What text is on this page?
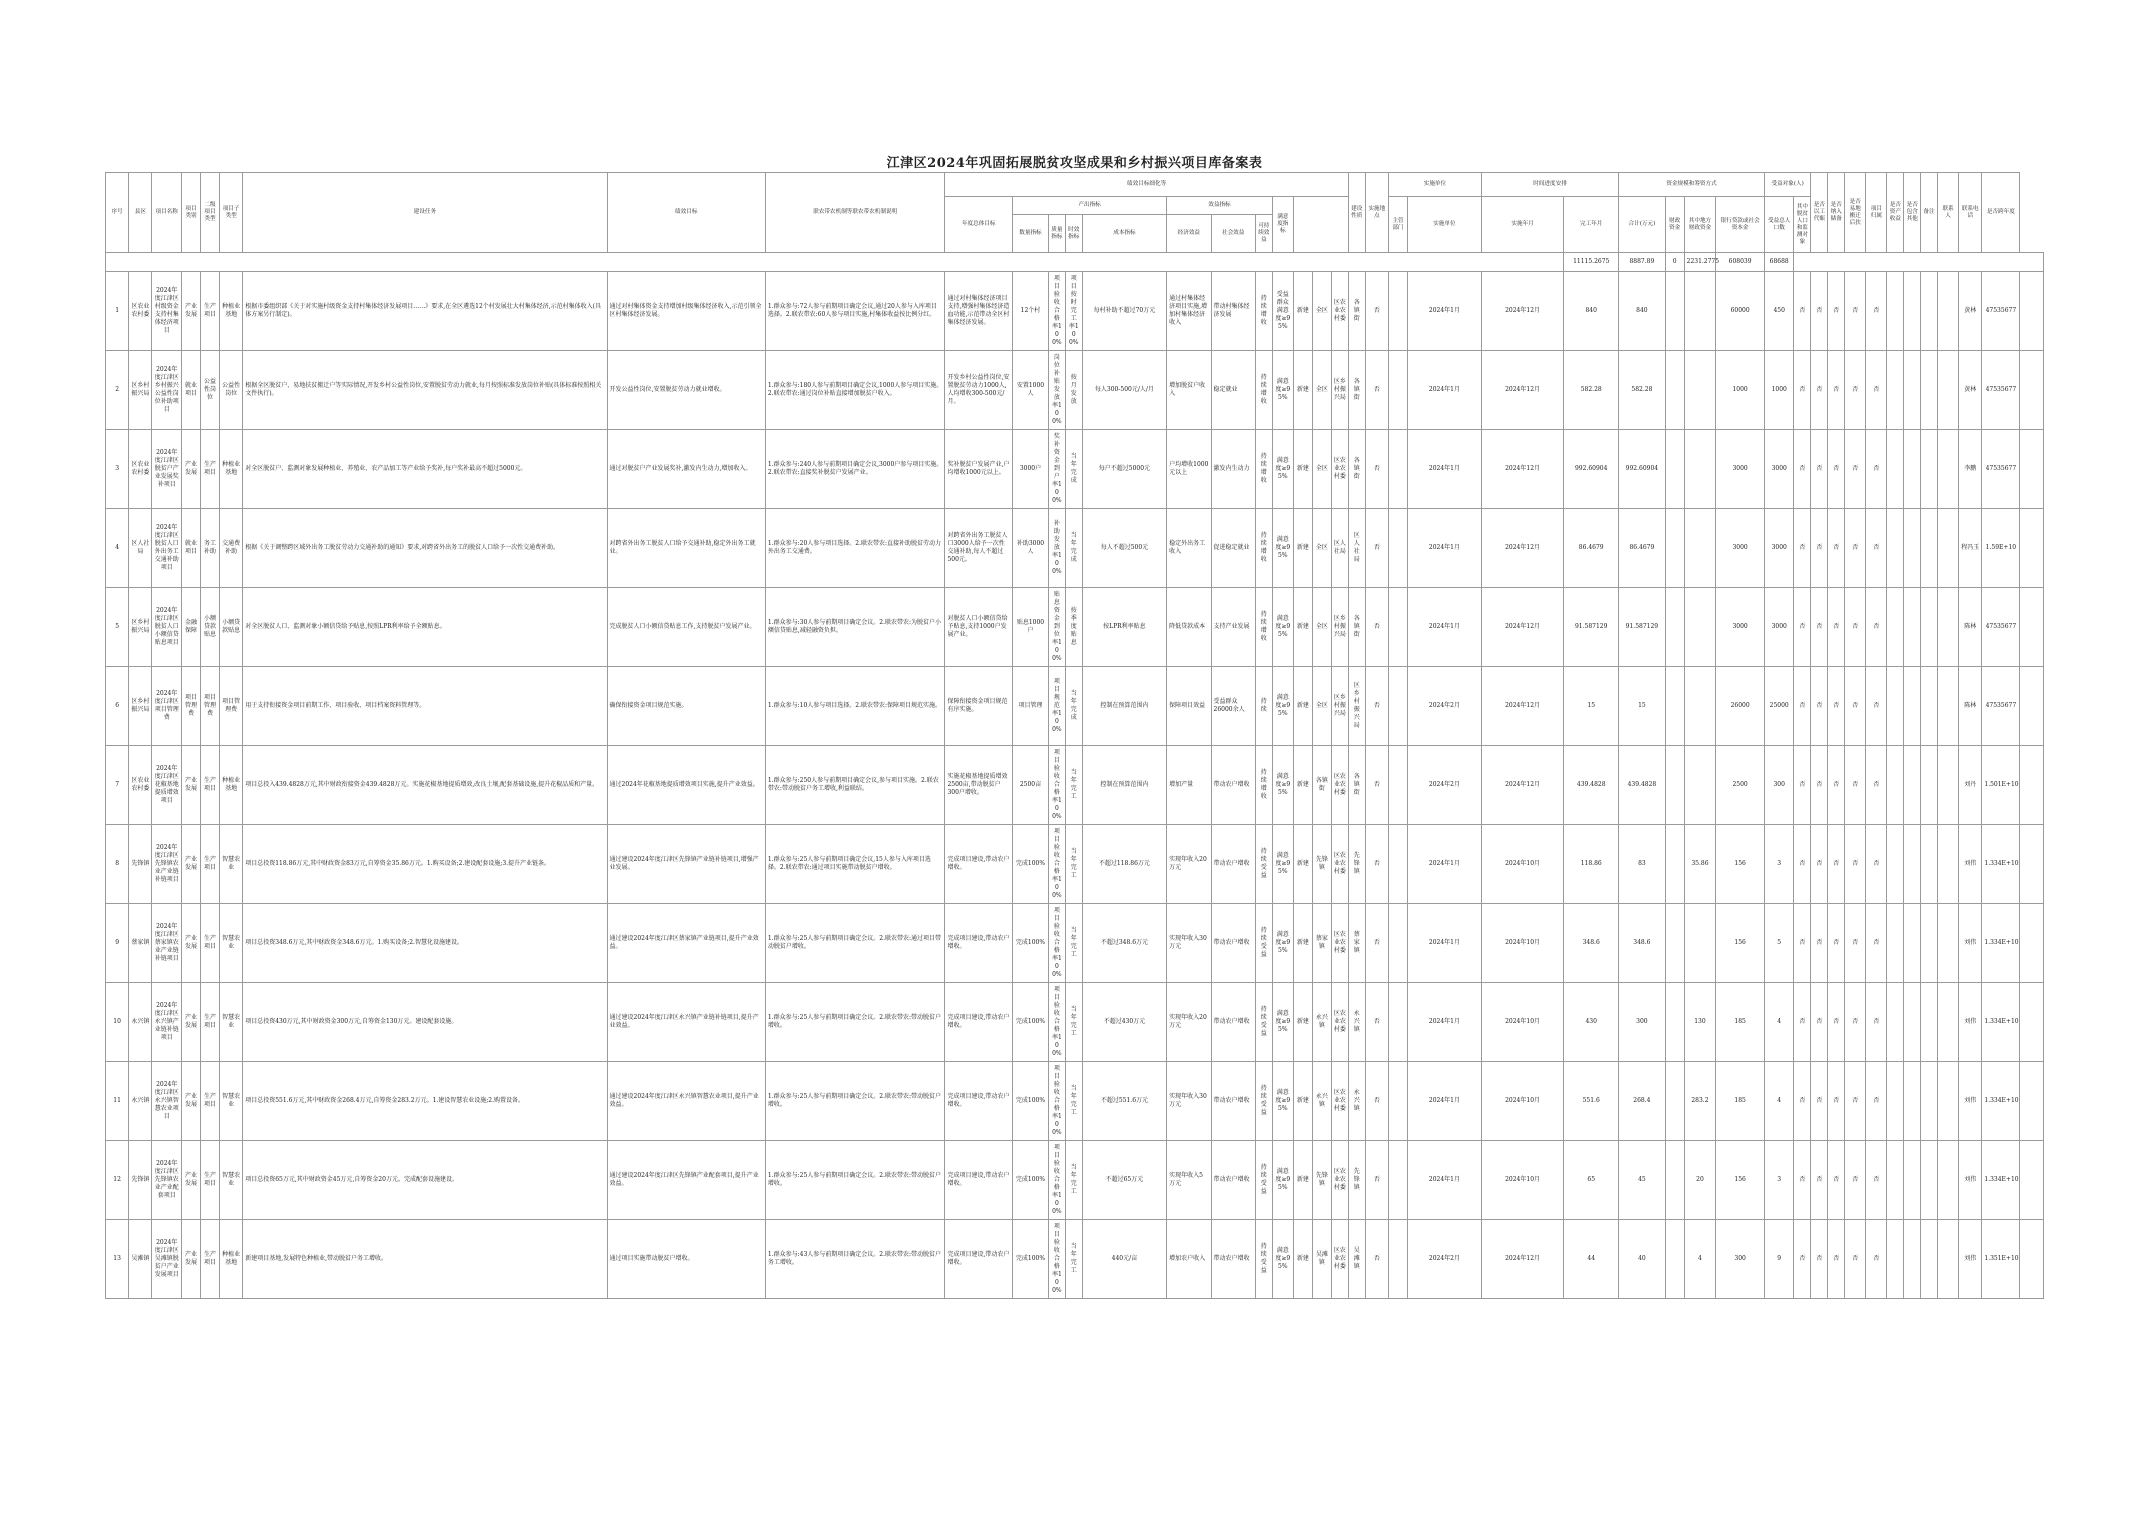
江津区2024年巩固拓展脱贫攻坚成果和乡村振兴项目库备案表
序号	县区	项目名称	项目类别	二级项目类型	项目子类型	建设任务	绩效目标	联农带农机制等联农带农机制说明	绩效目标细化等												建设性质	实施地点	实施单位		时间进度安排		资金规模和筹资方式				受益对象(人)		是否以工代赈	是否纳入储备	是否易地搬迁后扶	项目归属	是否资产收益	是否包含其他	备注	联系人	联系电话	是否跨年度	
									年度总体目标	产出指标				效益指标			满意度指标						主管部门	实施单位	实施年月	完工年月	合计(万元)	财政资金	其中地方财政资金	银行贷款或社会资本金	受益总人口数	其中脱贫人口和监测对象											
										数量指标	质量指标	时效指标	成本指标	经济效益	社会效益	可持续效益																											
																										11115.2675	8887.89	0	2231.2775	608039	68688												
1	区农业农村委	2024年度江津区村级资金支持村集体经济项目	产业发展	生产项目	种植业基地	根据市委组织部《关于对实施村级资金支持村集体经济发展项目……》要求,在全区遴选12个村发展壮大村集体经济,示范村集体收入(具体方案另行制定)。	通过对村集体资金支持增加村级集体经济收入,示范引领全区村集体经济发展。	1.群众参与:72人参与前期项目确定会议,通过20人参与入库项目选择。2.联农带农:60人参与项目实施,村集体收益按比例分红。	通过对村集体经济项目支持,增强村集体经济造血功能,示范带动全区村集体经济发展。	12个村	项目验收合格率100%	项目按时完工率100%	每村补助不超过70万元	通过村集体经济项目实施,增加村集体经济收入	带动村集体经济发展	持续增收	受益群众满意度≥95%	新建	全区	区农业农村委	各镇街	否		2024年1月	2024年12月	840	840			60000	450	否	否	否	否	否					黄林	47535677	
2	区乡村振兴局	2024年度江津区乡村振兴公益性岗位补助项目	就业项目	公益性岗位	公益性岗位	根据全区脱贫户、易地扶贫搬迁户等实际情况,开发乡村公益性岗位,安置脱贫劳动力就业,每月按照标准发放岗位补贴(具体标准按照相关文件执行)。	开发公益性岗位,安置脱贫劳动力就业增收。	1.群众参与:180人参与前期项目确定会议,1000人参与项目实施。2.联农带农:通过岗位补贴直接增加脱贫户收入。	开发乡村公益性岗位,安置脱贫劳动力1000人,人均增收300-500元/月。	安置1000人	岗位补贴发放率100%	按月发放	每人300-500元/人/月	增加脱贫户收入	稳定就业	持续增收	满意度≥95%	新建	全区	区乡村振兴局	各镇街	否		2024年1月	2024年12月	582.28	582.28			1000	1000	否	否	否	否	否					黄林	47535677	
3	区农业农村委	2024年度江津区脱贫户产业发展奖补项目	产业发展	生产项目	种植业基地	对全区脱贫户、监测对象发展种植业、养殖业、农产品加工等产业给予奖补,每户奖补最高不超过5000元。	通过对脱贫户产业发展奖补,激发内生动力,增加收入。	1.群众参与:240人参与前期项目确定会议,3000户参与项目实施。2.联农带农:直接奖补脱贫户发展产业。	奖补脱贫户发展产业,户均增收1000元以上。	3000户	奖补资金到户率100%	当年完成	每户不超过5000元	户均增收1000元以上	激发内生动力	持续增收	满意度≥95%	新建	全区	区农业农村委	各镇街	否		2024年1月	2024年12月	992.60904	992.60904			3000	3000	否	否	否	否	否					李鹏	47535677	
4	区人社局	2024年度江津区脱贫人口外出务工交通补助项目	就业项目	务工补助	交通费补助	根据《关于调整跨区域外出务工脱贫劳动力交通补助的通知》要求,对跨省外出务工的脱贫人口给予一次性交通费补助。	对跨省外出务工脱贫人口给予交通补助,稳定外出务工就业。	1.群众参与:20人参与项目选择。2.联农带农:直接补助脱贫劳动力外出务工交通费。	对跨省外出务工脱贫人口3000人给予一次性交通补助,每人不超过500元。	补助3000人	补助发放率100%	当年完成	每人不超过500元	稳定外出务工收入	促进稳定就业	持续增收	满意度≥95%	新建	全区	区人社局	区人社局	否		2024年1月	2024年12月	86.4679	86.4679			3000	3000	否	否	否	否	否					程冯玉	1.59E+10	
5	区乡村振兴局	2024年度江津区脱贫人口小额信贷贴息项目	金融保障	小额贷款贴息	小额贷款贴息	对全区脱贫人口、监测对象小额信贷给予贴息,按照LPR利率给予全额贴息。	完成脱贫人口小额信贷贴息工作,支持脱贫户发展产业。	1.群众参与:30人参与前期项目确定会议。2.联农带农:为脱贫户小额信贷贴息,减轻融资负担。	对脱贫人口小额信贷给予贴息,支持1000户发展产业。	贴息1000户	贴息资金到位率100%	按季度贴息	按LPR利率贴息	降低贷款成本	支持产业发展	持续增收	满意度≥95%	新建	全区	区乡村振兴局	各镇街	否		2024年1月	2024年12月	91.587129	91.587129			3000	3000	否	否	否	否	否					陈林	47535677	
6	区乡村振兴局	2024年度江津区项目管理费	项目管理费	项目管理费	项目管理费	用于支持衔接资金项目前期工作、项目验收、项目档案资料管理等。	确保衔接资金项目规范实施。	1.群众参与:10人参与项目选择。2.联农带农:保障项目规范实施。	保障衔接资金项目规范有序实施。	项目管理	项目规范率100%	当年完成	控制在预算范围内	保障项目效益	受益群众26000余人	持续	满意度≥95%	新建	全区	区乡村振兴局	区乡村振兴局	否		2024年2月	2024年12月	15	15			26000	25000	否	否	否	否	否					陈林	47535677	
7	区农业农村委	2024年度江津区花椒基地提质增效项目	产业发展	生产项目	种植业基地	项目总投入439.4828万元,其中财政衔接资金439.4828万元。实施花椒基地提质增效,改良土壤,配套基础设施,提升花椒品质和产量。	通过2024年花椒基地提质增效项目实施,提升产业效益。	1.群众参与:250人参与前期项目确定会议,参与项目实施。2.联农带农:带动脱贫户务工增收,利益联结。	实施花椒基地提质增效2500亩,带动脱贫户300户增收。	2500亩	项目验收合格率100%	当年完工	控制在预算范围内	增加产量	带动农户增收	持续增收	满意度≥95%	新建	各镇街	区农业农村委	各镇街	否		2024年2月	2024年12月	439.4828	439.4828			2500	300	否	否	否	否	否					刘丹	1.501E+10	
8	先锋镇	2024年度江津区先锋镇农业产业链补链项目	产业发展	生产项目	智慧农业	项目总投资118.86万元,其中财政资金83万元,自筹资金35.86万元。1.购买设备;2.建设配套设施;3.提升产业链条。	通过建设2024年度江津区先锋镇产业链补链项目,增强产业发展。	1.群众参与:25人参与前期项目确定会议,15人参与入库项目选择。2.联农带农:通过项目实施带动脱贫户增收。	完成项目建设,带动农户增收。	完成100%	项目验收合格率100%	当年完工	不超过118.86万元	实现年收入20万元	带动农户增收	持续受益	满意度≥95%	新建	先锋镇	区农业农村委	先锋镇	否		2024年1月	2024年10月	118.86	83		35.86	156	3	否	否	否	否	否					刘伟	1.334E+10	
9	蔡家镇	2024年度江津区蔡家镇农业产业链补链项目	产业发展	生产项目	智慧农业	项目总投资348.6万元,其中财政资金348.6万元。1.购买设备;2.智慧化设施建设。	通过建设2024年度江津区蔡家镇产业链项目,提升产业效益。	1.群众参与:25人参与前期项目确定会议。2.联农带农:通过项目带动脱贫户增收。	完成项目建设,带动农户增收。	完成100%	项目验收合格率100%	当年完工	不超过348.6万元	实现年收入30万元	带动农户增收	持续受益	满意度≥95%	新建	蔡家镇	区农业农村委	蔡家镇	否		2024年1月	2024年10月	348.6	348.6			156	5	否	否	否	否	否					刘伟	1.334E+10	
10	永兴镇	2024年度江津区永兴镇产业链补链项目	产业发展	生产项目	智慧农业	项目总投资430万元,其中财政资金300万元,自筹资金130万元。建设配套设施。	通过建设2024年度江津区永兴镇产业链补链项目,提升产业效益。	1.群众参与:25人参与前期项目确定会议。2.联农带农:带动脱贫户增收。	完成项目建设,带动农户增收。	完成100%	项目验收合格率100%	当年完工	不超过430万元	实现年收入20万元	带动农户增收	持续受益	满意度≥95%	新建	永兴镇	区农业农村委	永兴镇	否		2024年1月	2024年10月	430	300		130	185	4	否	否	否	否	否					刘伟	1.334E+10	
11	永兴镇	2024年度江津区永兴镇智慧农业项目	产业发展	生产项目	智慧农业	项目总投资551.6万元,其中财政资金268.4万元,自筹资金283.2万元。1.建设智慧农业设施;2.购置设备。	通过建设2024年度江津区永兴镇智慧农业项目,提升产业效益。	1.群众参与:25人参与前期项目确定会议。2.联农带农:带动脱贫户增收。	完成项目建设,带动农户增收。	完成100%	项目验收合格率100%	当年完工	不超过551.6万元	实现年收入30万元	带动农户增收	持续受益	满意度≥95%	新建	永兴镇	区农业农村委	永兴镇	否		2024年1月	2024年10月	551.6	268.4		283.2	185	4	否	否	否	否	否					刘伟	1.334E+10	
12	先锋镇	2024年度江津区先锋镇农业产业配套项目	产业发展	生产项目	智慧农业	项目总投资65万元,其中财政资金45万元,自筹资金20万元。完成配套设施建设。	通过建设2024年度江津区先锋镇产业配套项目,提升产业效益。	1.群众参与:25人参与前期项目确定会议。2.联农带农:带动脱贫户增收。	完成项目建设,带动农户增收。	完成100%	项目验收合格率100%	当年完工	不超过65万元	实现年收入5万元	带动农户增收	持续受益	满意度≥95%	新建	先锋镇	区农业农村委	先锋镇	否		2024年1月	2024年10月	65	45		20	156	3	否	否	否	否	否					刘伟	1.334E+10	
13	吴滩镇	2024年度江津区吴滩镇脱贫户产业发展项目	产业发展	生产项目	种植业基地	新建项目基地,发展特色种植业,带动脱贫户务工增收。	通过项目实施带动脱贫户增收。	1.群众参与:43人参与前期项目确定会议。2.联农带农:带动脱贫户务工增收。	完成项目建设,带动农户增收。	完成100%	项目验收合格率100%	当年完工	440元/亩	增加农户收入	带动农户增收	持续受益	满意度≥95%	新建	吴滩镇	区农业农村委	吴滩镇	否		2024年2月	2024年12月	44	40		4	300	9	否	否	否	否	否					刘伟	1.351E+10	
